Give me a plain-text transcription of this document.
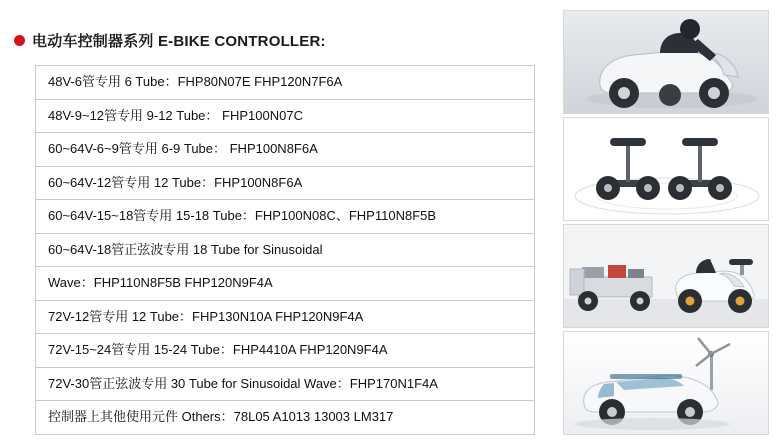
电动车控制器系列 E-BIKE CONTROLLER:
48V-6管专用 6 Tube：FHP80N07E FHP120N7F6A
48V-9~12管专用 9-12 Tube： FHP100N07C
60~64V-6~9管专用 6-9 Tube： FHP100N8F6A
60~64V-12管专用 12 Tube：FHP100N8F6A
60~64V-15~18管专用 15-18 Tube：FHP100N08C、FHP110N8F5B
60~64V-18管正弦波专用 18 Tube for Sinusoidal
Wave：FHP110N8F5B FHP120N9F4A
72V-12管专用 12 Tube：FHP130N10A FHP120N9F4A
72V-15~24管专用 15-24 Tube：FHP4410A FHP120N9F4A
72V-30管正弦波专用 30 Tube for Sinusoidal Wave：FHP170N1F4A
控制器上其他使用元件 Others：78L05 A1013 13003 LM317
